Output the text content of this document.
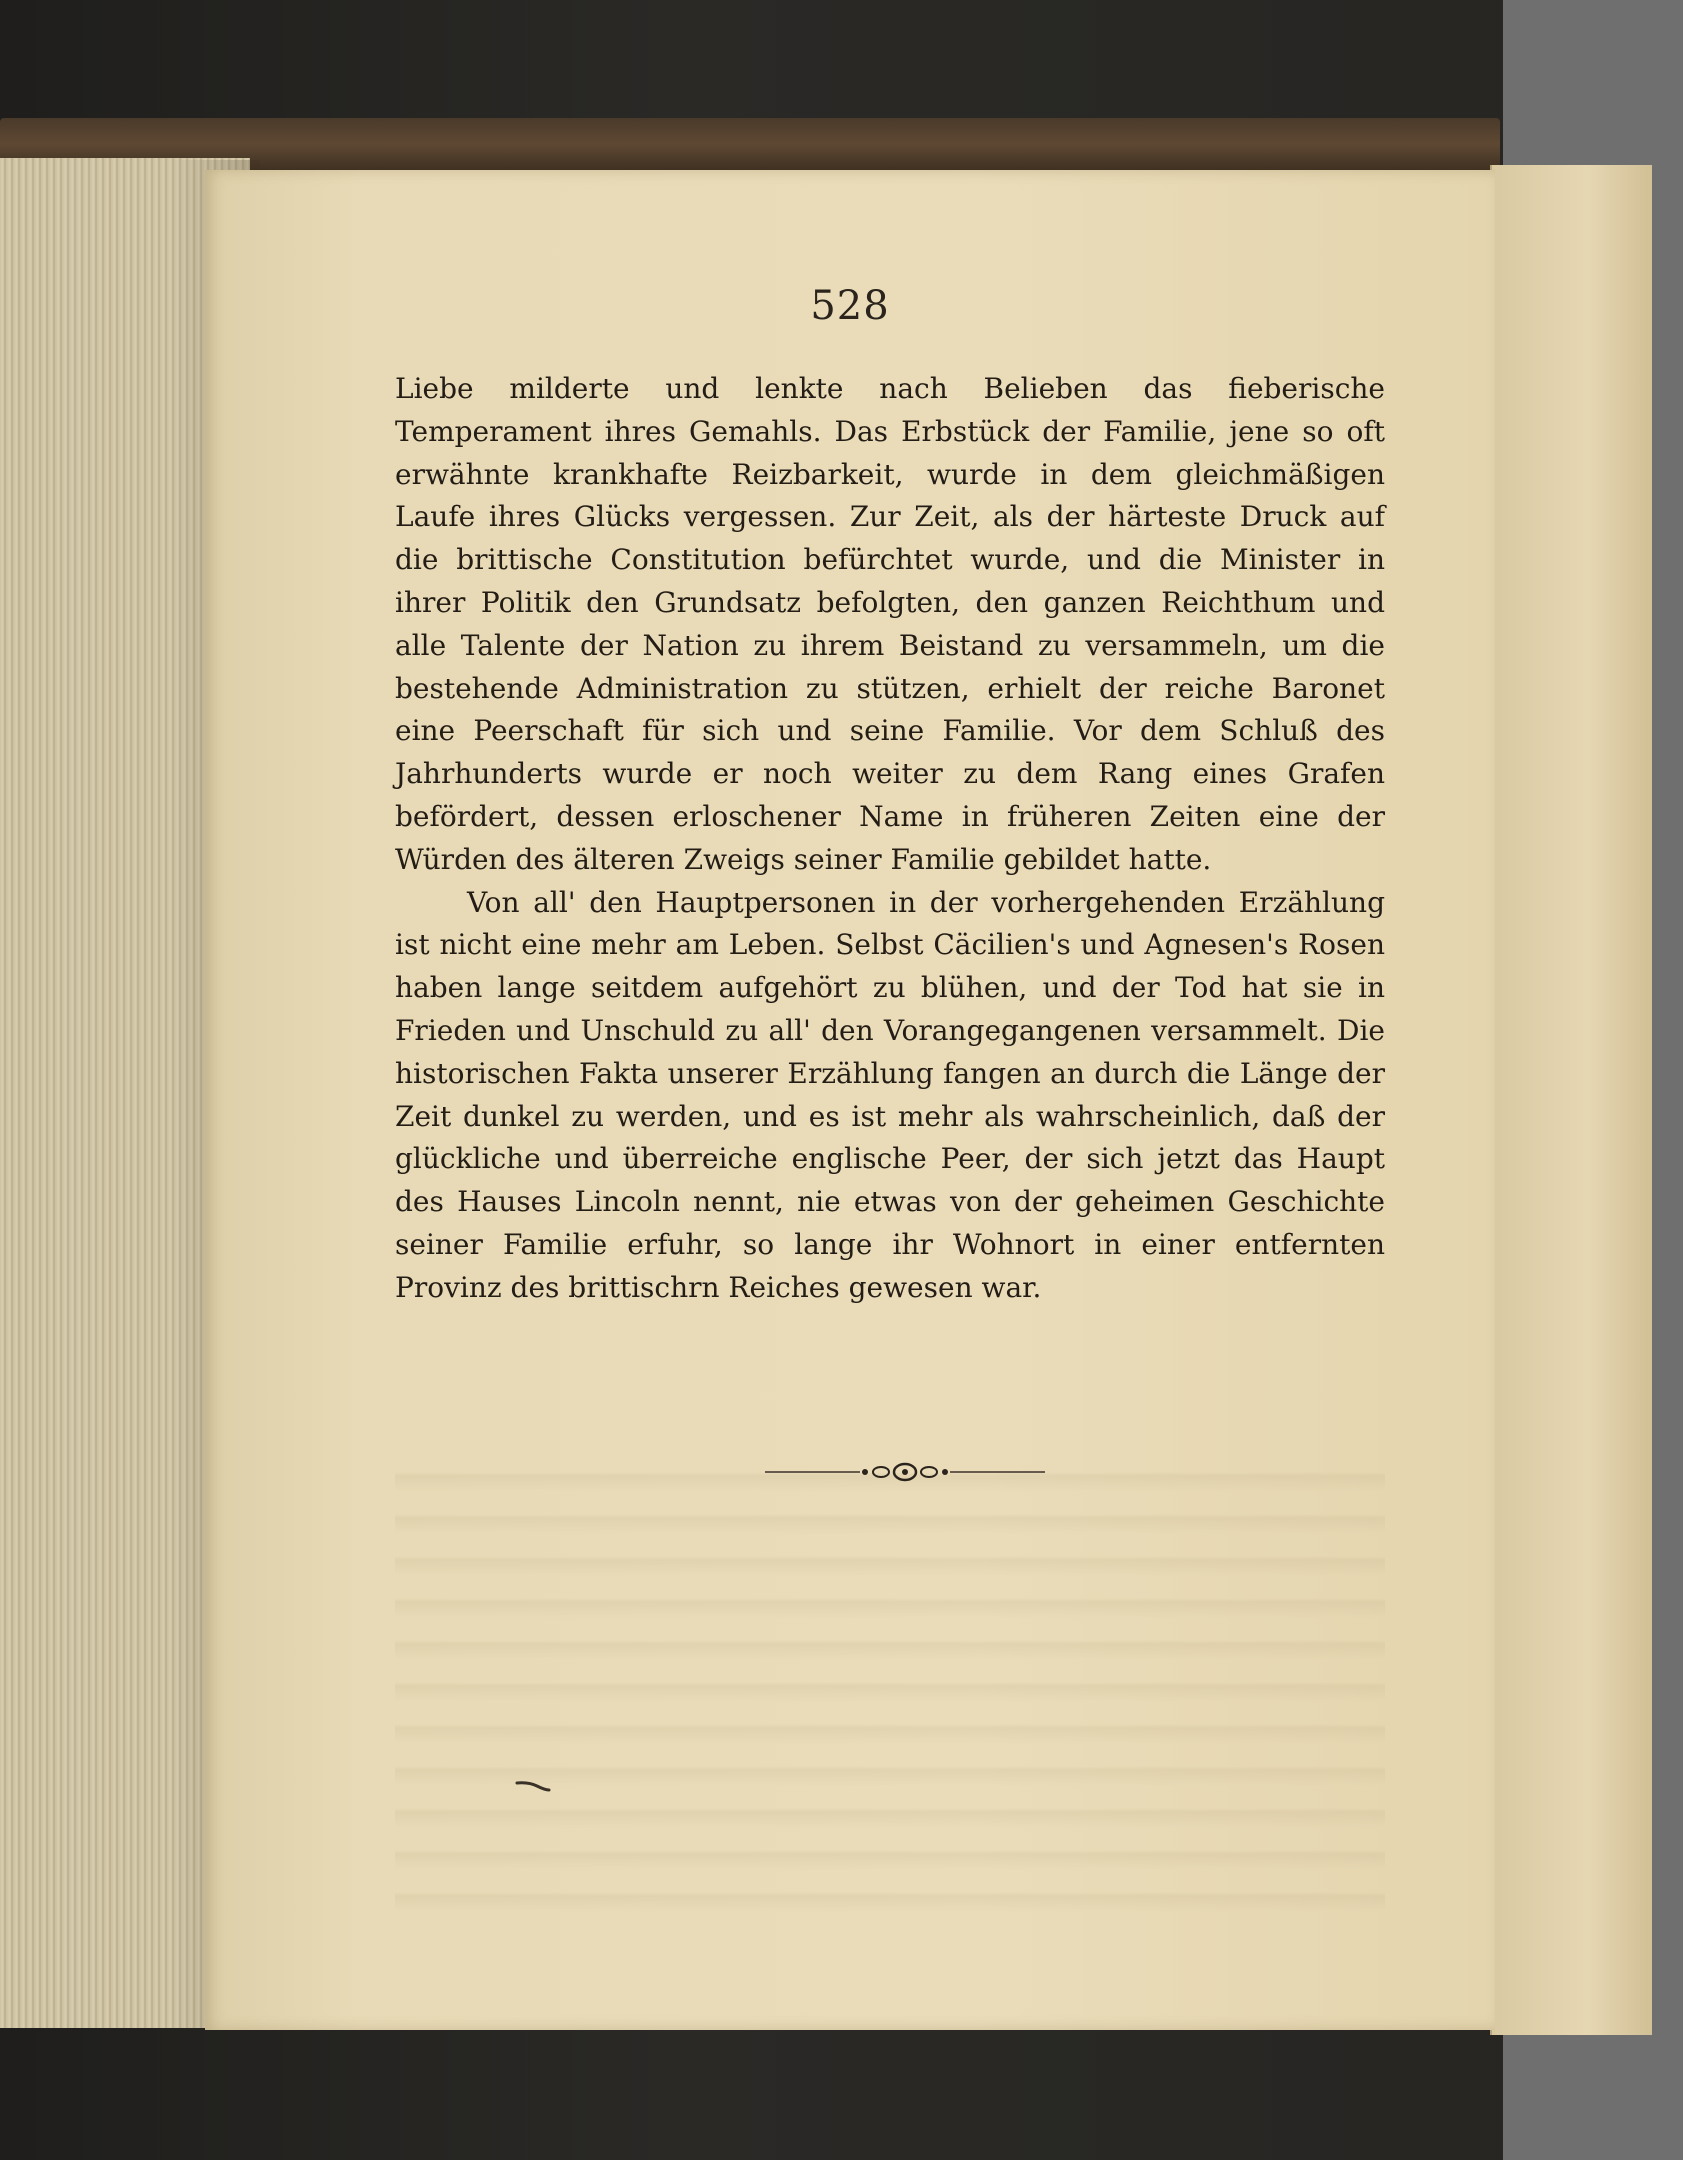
528

Liebe milderte und lenkte nach Belieben das fieberische Temperament ihres Gemahls. Das Erbstück der Familie, jene so oft erwähnte krankhafte Reizbarkeit, wurde in dem gleichmäßigen Laufe ihres Glücks vergessen. Zur Zeit, als der härteste Druck auf die brittische Constitution befürchtet wurde, und die Minister in ihrer Politik den Grundsatz befolgten, den ganzen Reichthum und alle Talente der Nation zu ihrem Beistand zu versammeln, um die bestehende Administration zu stützen, erhielt der reiche Baronet eine Peerschaft für sich und seine Familie. Vor dem Schluß des Jahrhunderts wurde er noch weiter zu dem Rang eines Grafen befördert, dessen erloschener Name in früheren Zeiten eine der Würden des älteren Zweigs seiner Familie gebildet hatte.

Von all' den Hauptpersonen in der vorhergehenden Erzählung ist nicht eine mehr am Leben. Selbst Cäcilien's und Agnesen's Rosen haben lange seitdem aufgehört zu blühen, und der Tod hat sie in Frieden und Unschuld zu all' den Vorangegangenen versammelt. Die historischen Fakta unserer Erzählung fangen an durch die Länge der Zeit dunkel zu werden, und es ist mehr als wahrscheinlich, daß der glückliche und überreiche englische Peer, der sich jetzt das Haupt des Hauses Lincoln nennt, nie etwas von der geheimen Geschichte seiner Familie erfuhr, so lange ihr Wohnort in einer entfernten Provinz des brittischrn Reiches gewesen war.
